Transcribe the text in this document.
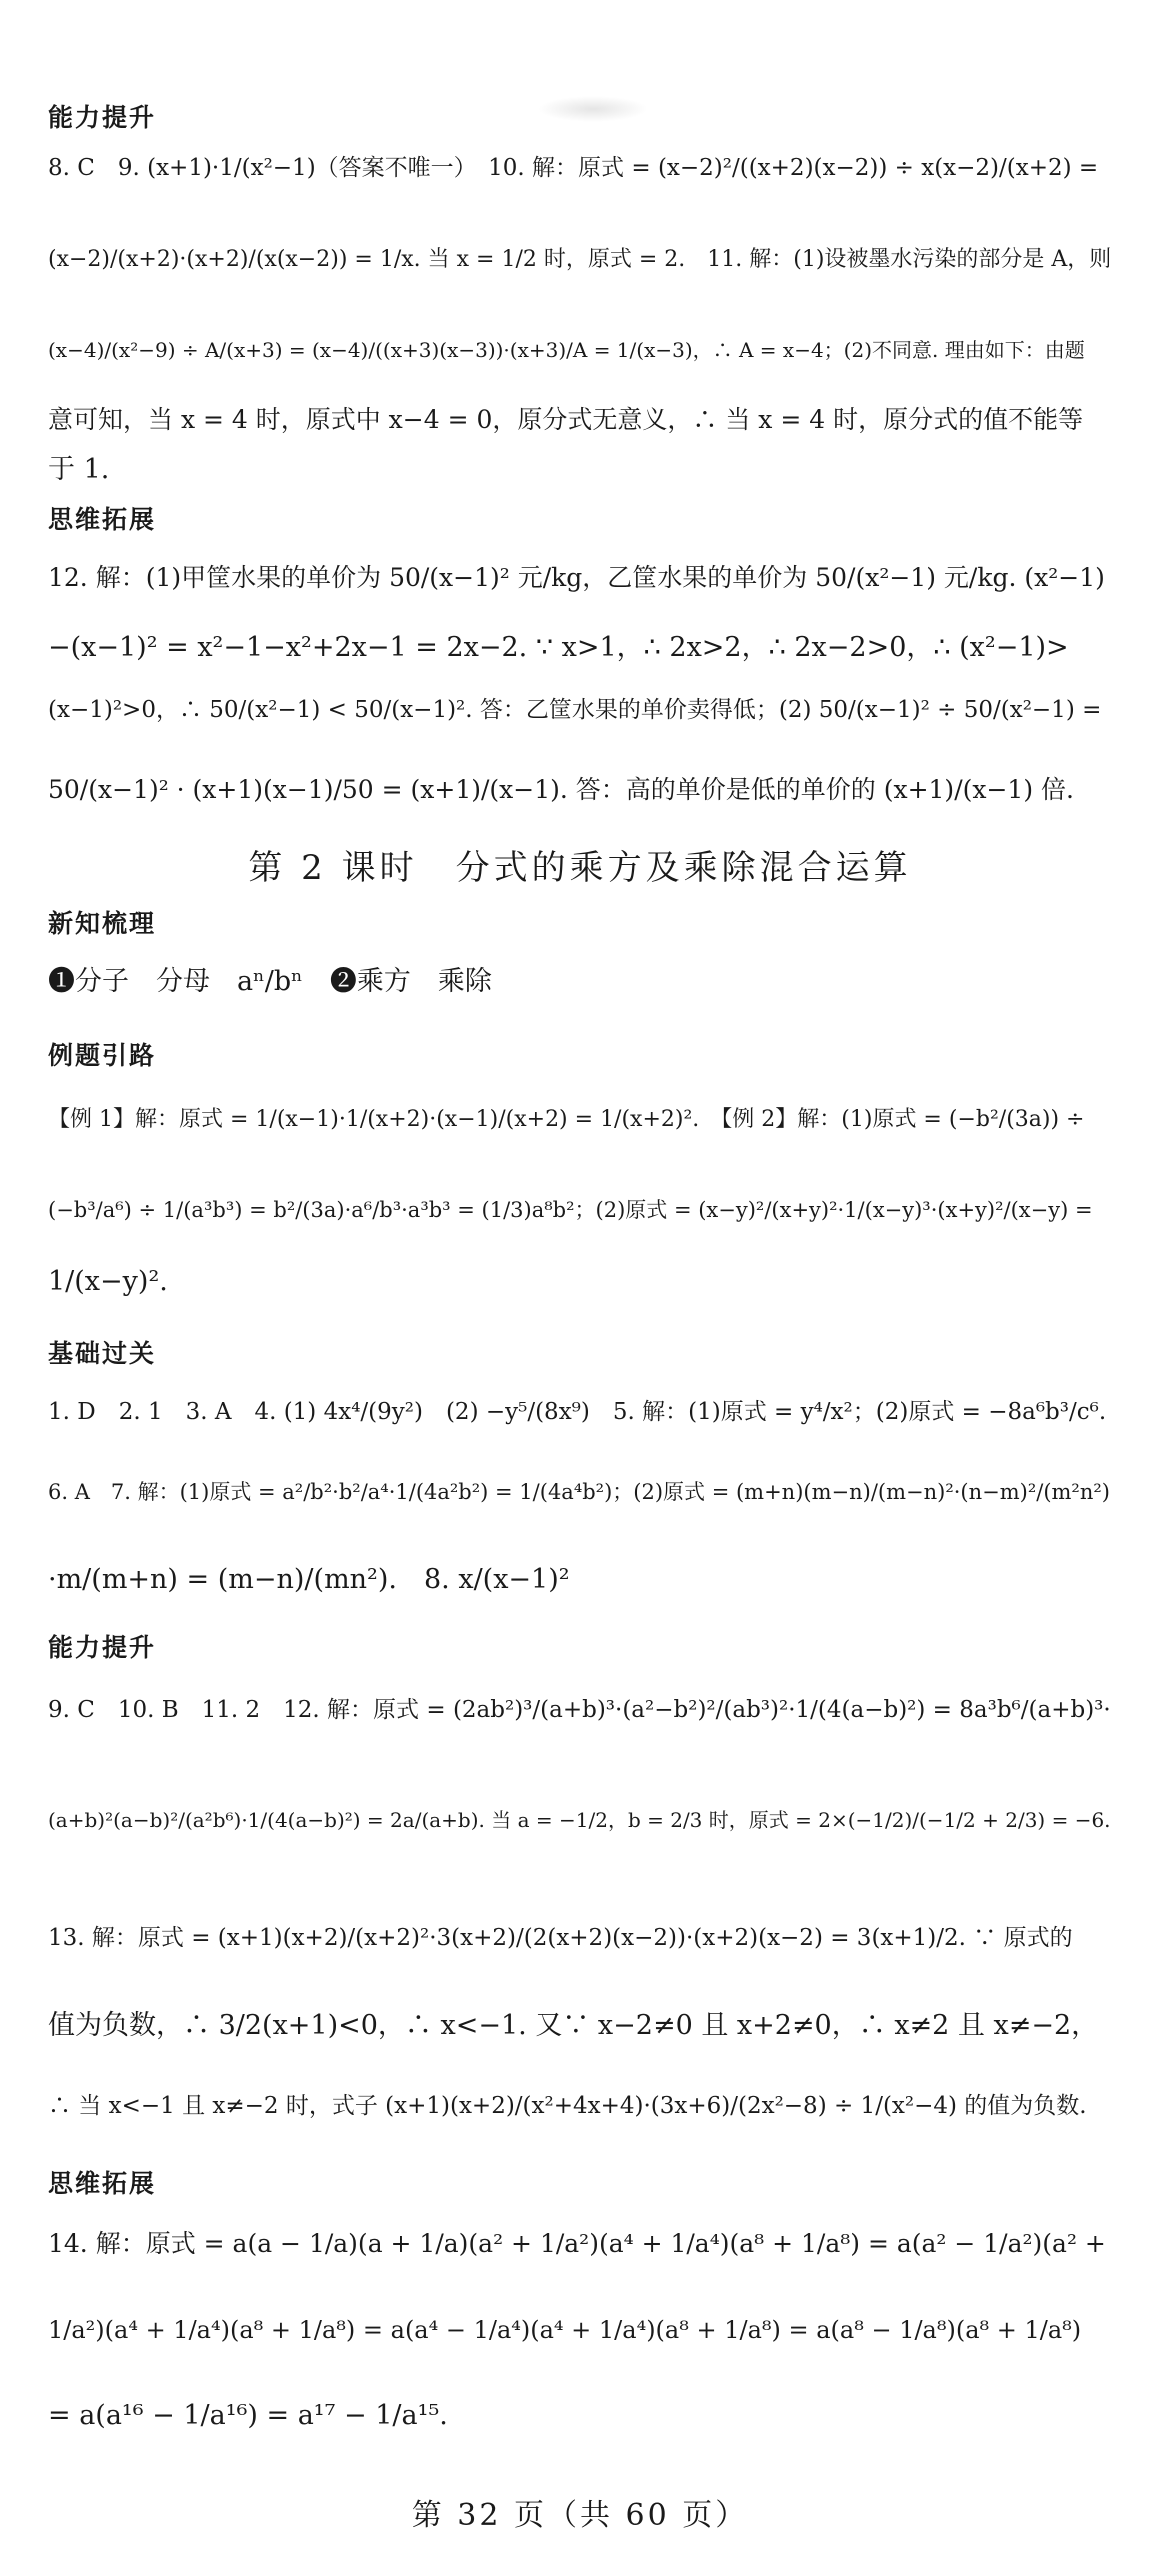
能力提升
8. C　9. (x+1)·1/(x²−1)（答案不唯一）　10. 解：原式 = (x−2)²/((x+2)(x−2)) ÷ x(x−2)/(x+2) =
(x−2)/(x+2)·(x+2)/(x(x−2)) = 1/x. 当 x = 1/2 时，原式 = 2.　11. 解：(1)设被墨水污染的部分是 A，则
(x−4)/(x²−9) ÷ A/(x+3) = (x−4)/((x+3)(x−3))·(x+3)/A = 1/(x−3)，∴ A = x−4；(2)不同意. 理由如下：由题
意可知，当 x = 4 时，原式中 x−4 = 0，原分式无意义，∴ 当 x = 4 时，原分式的值不能等
于 1.
思维拓展
12. 解：(1)甲筐水果的单价为 50/(x−1)² 元/kg，乙筐水果的单价为 50/(x²−1) 元/kg. (x²−1)
−(x−1)² = x²−1−x²+2x−1 = 2x−2. ∵ x>1，∴ 2x>2，∴ 2x−2>0，∴ (x²−1)>
(x−1)²>0，∴ 50/(x²−1) < 50/(x−1)². 答：乙筐水果的单价卖得低；(2) 50/(x−1)² ÷ 50/(x²−1) =
50/(x−1)² · (x+1)(x−1)/50 = (x+1)/(x−1). 答：高的单价是低的单价的 (x+1)/(x−1) 倍.
第 2 课时　分式的乘方及乘除混合运算
新知梳理
❶分子　分母　aⁿ/bⁿ　❷乘方　乘除
例题引路
【例 1】解：原式 = 1/(x−1)·1/(x+2)·(x−1)/(x+2) = 1/(x+2)².　【例 2】解：(1)原式 = (−b²/(3a)) ÷
(−b³/a⁶) ÷ 1/(a³b³) = b²/(3a)·a⁶/b³·a³b³ = (1/3)a⁸b²；(2)原式 = (x−y)²/(x+y)²·1/(x−y)³·(x+y)²/(x−y) =
1/(x−y)².
基础过关
1. D　2. 1　3. A　4. (1) 4x⁴/(9y²)　(2) −y⁵/(8x⁹)　5. 解：(1)原式 = y⁴/x²；(2)原式 = −8a⁶b³/c⁶.
6. A　7. 解：(1)原式 = a²/b²·b²/a⁴·1/(4a²b²) = 1/(4a⁴b²)；(2)原式 = (m+n)(m−n)/(m−n)²·(n−m)²/(m²n²)
·m/(m+n) = (m−n)/(mn²).　8. x/(x−1)²
能力提升
9. C　10. B　11. 2　12. 解：原式 = (2ab²)³/(a+b)³·(a²−b²)²/(ab³)²·1/(4(a−b)²) = 8a³b⁶/(a+b)³·
(a+b)²(a−b)²/(a²b⁶)·1/(4(a−b)²) = 2a/(a+b). 当 a = −1/2，b = 2/3 时，原式 = 2×(−1/2)/(−1/2 + 2/3) = −6.
13. 解：原式 = (x+1)(x+2)/(x+2)²·3(x+2)/(2(x+2)(x−2))·(x+2)(x−2) = 3(x+1)/2. ∵ 原式的
值为负数，∴ 3/2(x+1)<0，∴ x<−1. 又∵ x−2≠0 且 x+2≠0，∴ x≠2 且 x≠−2，
∴ 当 x<−1 且 x≠−2 时，式子 (x+1)(x+2)/(x²+4x+4)·(3x+6)/(2x²−8) ÷ 1/(x²−4) 的值为负数.
思维拓展
14. 解：原式 = a(a − 1/a)(a + 1/a)(a² + 1/a²)(a⁴ + 1/a⁴)(a⁸ + 1/a⁸) = a(a² − 1/a²)(a² +
1/a²)(a⁴ + 1/a⁴)(a⁸ + 1/a⁸) = a(a⁴ − 1/a⁴)(a⁴ + 1/a⁴)(a⁸ + 1/a⁸) = a(a⁸ − 1/a⁸)(a⁸ + 1/a⁸)
= a(a¹⁶ − 1/a¹⁶) = a¹⁷ − 1/a¹⁵.
第 32 页（共 60 页）
